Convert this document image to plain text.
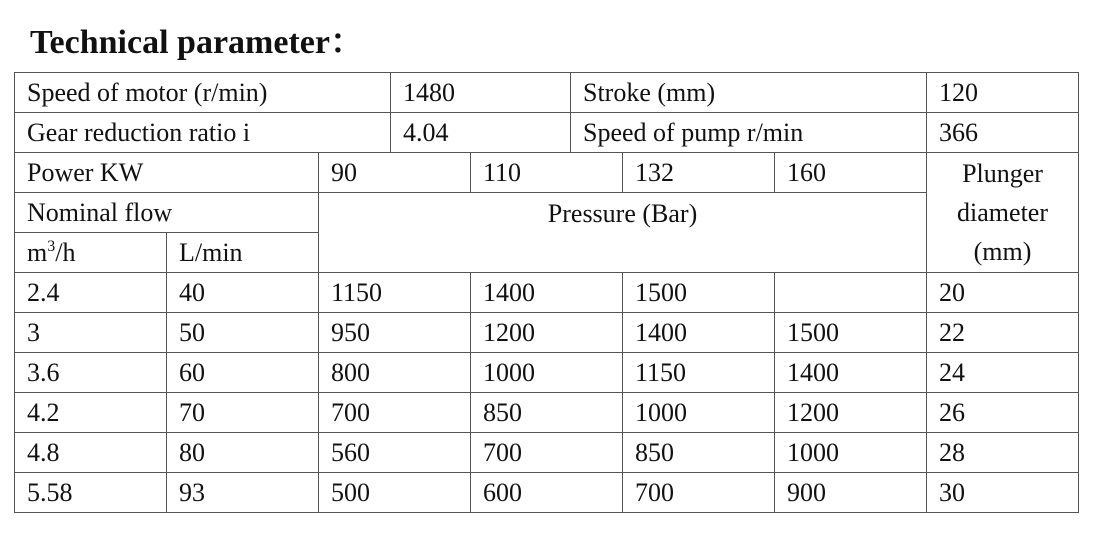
Technical parameter：
Speed of motor (r/min)			1480		Stroke (mm)			120
Gear reduction ratio i			4.04		Speed of pump r/min			366
Power KW		90		110		132	160	Plunger diameter (mm)
Nominal flow		Pressure (Bar)						
$m^3/h$	L/min							
2.4	40	1150		1400		1500		20
3	50	950		1200		1400	1500	22
3.6	60	800		1000		1150	1400	24
4.2	70	700		850		1000	1200	26
4.8	80	560		700		850	1000	28
5.58	93	500		600		700	900	30
